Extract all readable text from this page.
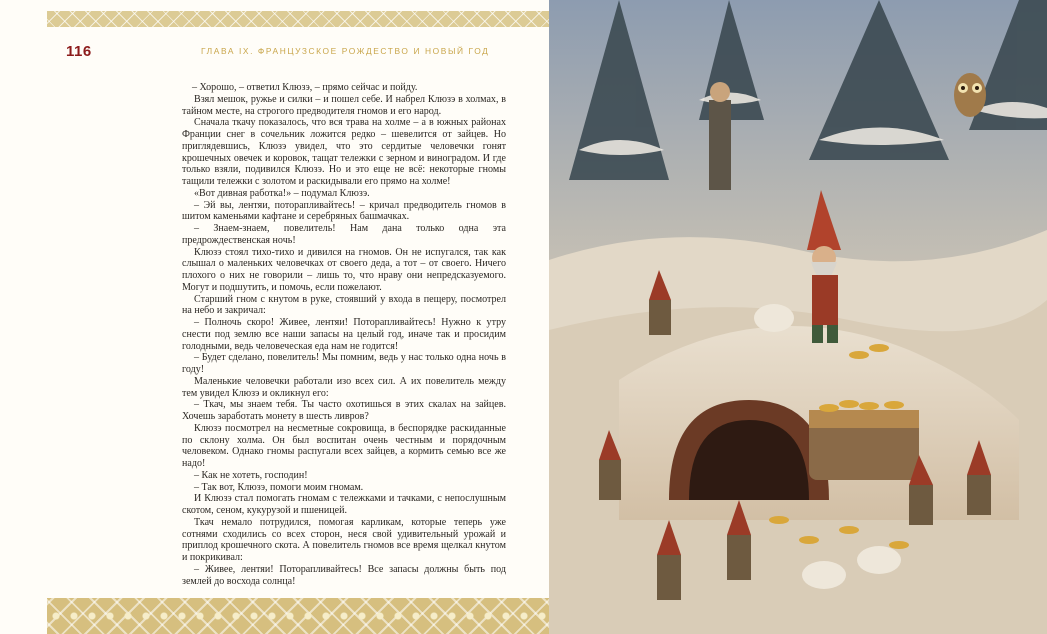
116	ГЛАВА IX. ФРАНЦУЗСКОЕ РОЖДЕСТВО И НОВЫЙ ГОД

– Хорошо, – ответил Клюзэ, – прямо сейчас и пойду.

Взял мешок, ружье и силки – и пошел себе. И набрел Клюзэ в холмах, в тайном месте, на строгого предводителя гномов и его народ.

Сначала ткачу показалось, что вся трава на холме – а в южных районах Франции снег в сочельник ложится редко – шевелится от зайцев. Но приглядевшись, Клюзэ увидел, что это сердитые человечки гонят крошечных овечек и коровок, тащат тележки с зерном и виноградом. И где только взяли, подивился Клюзэ. Но и это еще не всё: некоторые гномы тащили тележки с золотом и раскидывали его прямо на холме!

«Вот дивная работка!» – подумал Клюзэ.

– Эй вы, лентяи, поторапливайтесь! – кричал предводитель гномов в шитом каменьями кафтане и серебряных башмачках.

– Знаем-знаем, повелитель! Нам дана только одна эта предрождественская ночь!

Клюзэ стоял тихо-тихо и дивился на гномов. Он не испугался, так как слышал о маленьких человечках от своего деда, а тот – от своего. Ничего плохого о них не говорили – лишь то, что нраву они непредсказуемого. Могут и подшутить, и помочь, если пожелают.

Старший гном с кнутом в руке, стоявший у входа в пещеру, посмотрел на небо и закричал:

– Полночь скоро! Живее, лентяи! Поторапливайтесь! Нужно к утру снести под землю все наши запасы на целый год, иначе так и просидим голодными, ведь человеческая еда нам не годится!

– Будет сделано, повелитель! Мы помним, ведь у нас только одна ночь в году!

Маленькие человечки работали изо всех сил. А их повелитель между тем увидел Клюзэ и окликнул его:

– Ткач, мы знаем тебя. Ты часто охотишься в этих скалах на зайцев. Хочешь заработать монету в шесть ливров?

Клюзэ посмотрел на несметные сокровища, в беспорядке раскиданные по склону холма. Он был воспитан очень честным и порядочным человеком. Однако гномы распугали всех зайцев, а кормить семью все же надо!

– Как не хотеть, господин!

– Так вот, Клюзэ, помоги моим гномам.

И Клюзэ стал помогать гномам с тележками и тачками, с непослушным скотом, сеном, кукурузой и пшеницей.

Ткач немало потрудился, помогая карликам, которые теперь уже сотнями сходились со всех сторон, неся свой удивительный урожай и приплод крошечного скота. А повелитель гномов все время щелкал кнутом и покрикивал:

– Живее, лентяи! Поторапливайтесь! Все запасы должны быть под землей до восхода солнца!
